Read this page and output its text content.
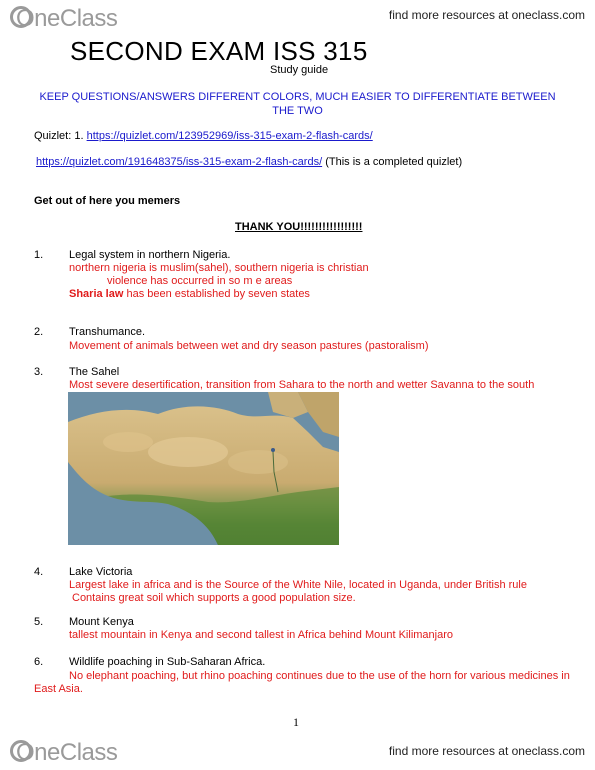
OneClass	find more resources at oneclass.com
SECOND EXAM ISS 315
Study guide
KEEP QUESTIONS/ANSWERS DIFFERENT COLORS, MUCH EASIER TO DIFFERENTIATE BETWEEN
THE TWO
Quizlet: 1. https://quizlet.com/123952969/iss-315-exam-2-flash-cards/
https://quizlet.com/191648375/iss-315-exam-2-flash-cards/ (This is a completed quizlet)
Get out of here you memers
THANK YOU!!!!!!!!!!!!!!!!!
1. Legal system in northern Nigeria.
northern nigeria is muslim(sahel), southern nigeria is christian
violence has occurred in so m e areas
Sharia law has been established by seven states
2. Transhumance.
Movement of animals between wet and dry season pastures (pastoralism)
3. The Sahel
Most severe desertification, transition from Sahara to the north and wetter Savanna to the south
4. Lake Victoria
Largest lake in africa and is the Source of the White Nile, located in Uganda, under British rule
Contains great soil which supports a good population size.
5. Mount Kenya
tallest mountain in Kenya and second tallest in Africa behind Mount Kilimanjaro
6. Wildlife poaching in Sub-Saharan Africa.
No elephant poaching, but rhino poaching continues due to the use of the horn for various medicines in
East Asia.
1
OneClass	find more resources at oneclass.com
